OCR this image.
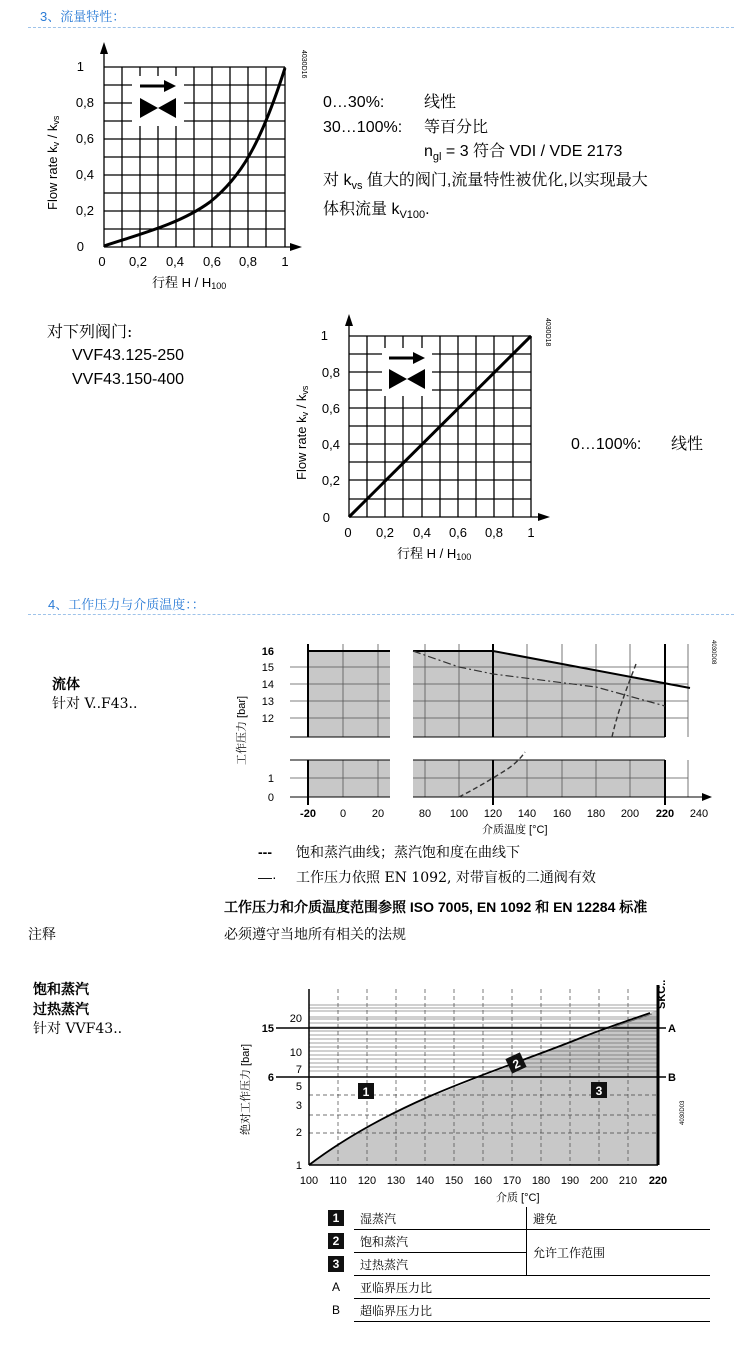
3、流量特性：
0
0,2
0,4
0,6
0,8
1
0 0,2 0,4 0,6 0,8 1
行程 H / H100
Flow rate kv / kvs
4030D16
0…30%: 线性
30…100%: 等百分比
$n_{gl} = 3$ 符合 VDI / VDE 2173
对 $k_{vs}$ 值大的阀门,流量特性被优化,以实现最大
体积流量 $k_{V100}$.
对下列阀门:
VVF43.125-250
VVF43.150-400
0
0,2
0,4
0,6
0,8
1
0 0,2 0,4 0,6 0,8 1
行程 H / H100
Flow rate kv / kvs
4030D18
0…100%: 线性
4、工作压力与介质温度：：
流体
针对 V..F43..
16
15
14
13
12
1
0
-20 0 20	80 100 120 140 160 180 200 220 240
介质温度 [°C]
工作压力 [bar]
4030D08
--- 饱和蒸汽曲线；蒸汽饱和度在曲线下
—· 工作压力依照 EN 1092, 对带盲板的二通阀有效
工作压力和介质温度范围参照 ISO 7005, EN 1092 和 EN 12284 标准
注释	必须遵守当地所有相关的法规
饱和蒸汽
过热蒸汽
针对 VVF43..
20
15
10
7
6
5
3
2
1
100 110 120 130 140 150 160 170 180 190 200 210 220
介质 [°C]
绝对工作压力 [bar]
SKC..
A
B
4030D03
1
2
3
1	湿蒸汽	避免
2	饱和蒸汽	允许工作范围
3	过热蒸汽	
A	亚临界压力比	
B	超临界压力比	
